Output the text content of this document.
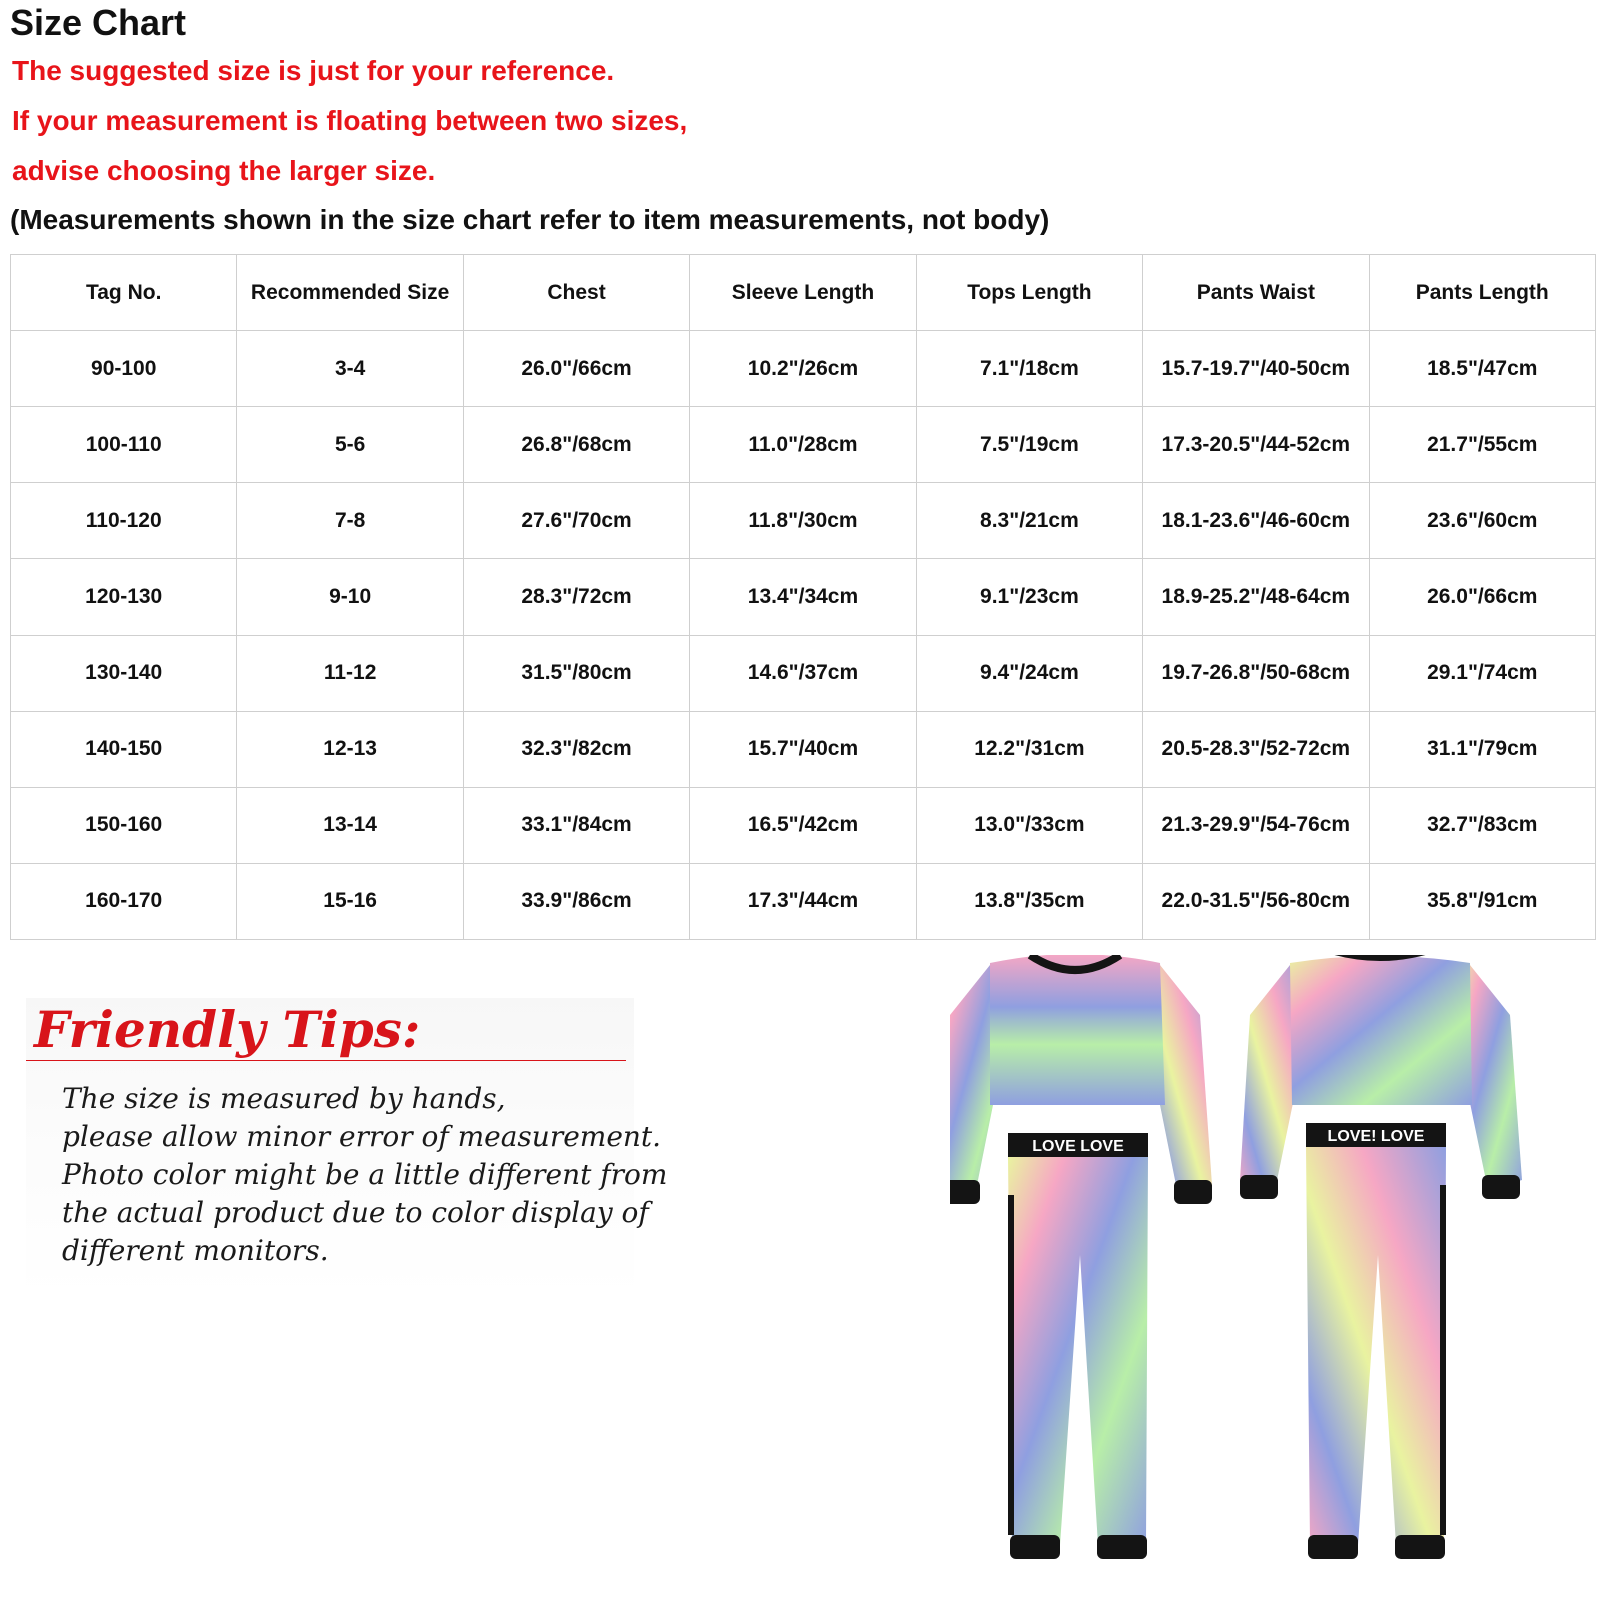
Size Chart
The suggested size is just for your reference.
If your measurement is floating between two sizes,
advise choosing the larger size.
(Measurements shown in the size chart refer to item measurements, not body)
Tag No.	Recommended Size	Chest	Sleeve Length	Tops Length	Pants Waist	Pants Length
90-100	3-4	26.0"/66cm	10.2"/26cm	7.1"/18cm	15.7-19.7"/40-50cm	18.5"/47cm
100-110	5-6	26.8"/68cm	11.0"/28cm	7.5"/19cm	17.3-20.5"/44-52cm	21.7"/55cm
110-120	7-8	27.6"/70cm	11.8"/30cm	8.3"/21cm	18.1-23.6"/46-60cm	23.6"/60cm
120-130	9-10	28.3"/72cm	13.4"/34cm	9.1"/23cm	18.9-25.2"/48-64cm	26.0"/66cm
130-140	11-12	31.5"/80cm	14.6"/37cm	9.4"/24cm	19.7-26.8"/50-68cm	29.1"/74cm
140-150	12-13	32.3"/82cm	15.7"/40cm	12.2"/31cm	20.5-28.3"/52-72cm	31.1"/79cm
150-160	13-14	33.1"/84cm	16.5"/42cm	13.0"/33cm	21.3-29.9"/54-76cm	32.7"/83cm
160-170	15-16	33.9"/86cm	17.3"/44cm	13.8"/35cm	22.0-31.5"/56-80cm	35.8"/91cm
Friendly Tips:
The size is measured by hands,
please allow minor error of measurement.
Photo color might be a little different from
the actual product due to color display of
different monitors.
LOVE LOVE
LOVE! LOVE
